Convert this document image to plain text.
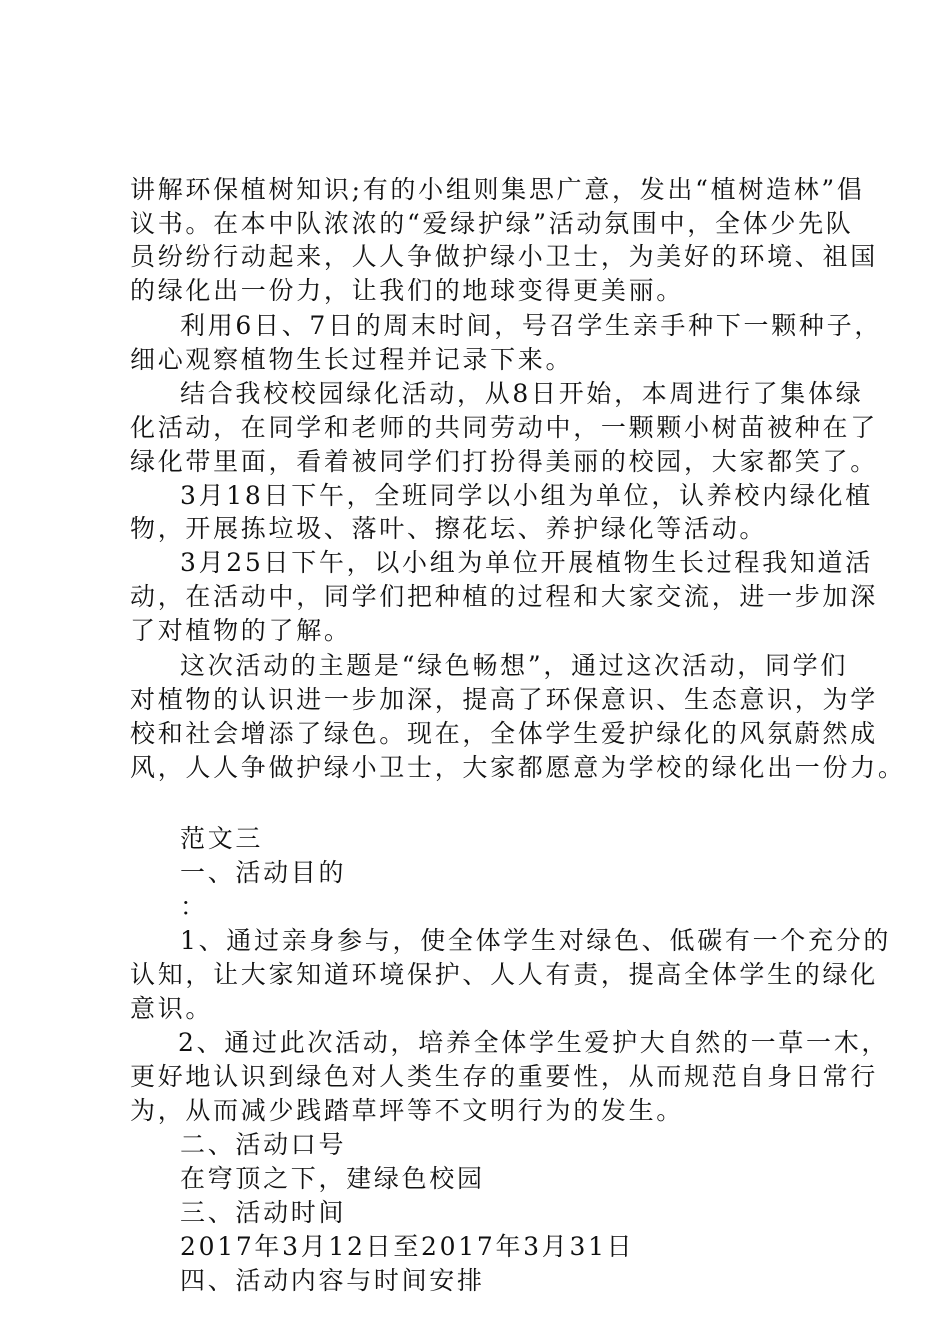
讲解环保植树知识;有的小组则集思广意，发出“植树造林”倡
议书。在本中队浓浓的“爱绿护绿”活动氛围中，全体少先队
员纷纷行动起来，人人争做护绿小卫士，为美好的环境、祖国
的绿化出一份力，让我们的地球变得更美丽。
利用6日、7日的周末时间，号召学生亲手种下一颗种子，
细心观察植物生长过程并记录下来。
结合我校校园绿化活动，从8日开始，本周进行了集体绿
化活动，在同学和老师的共同劳动中，一颗颗小树苗被种在了
绿化带里面，看着被同学们打扮得美丽的校园，大家都笑了。
3月18日下午，全班同学以小组为单位，认养校内绿化植
物，开展拣垃圾、落叶、擦花坛、养护绿化等活动。
3月25日下午，以小组为单位开展植物生长过程我知道活
动，在活动中，同学们把种植的过程和大家交流，进一步加深
了对植物的了解。
这次活动的主题是“绿色畅想”，通过这次活动，同学们
对植物的认识进一步加深，提高了环保意识、生态意识，为学
校和社会增添了绿色。现在，全体学生爱护绿化的风氛蔚然成
风，人人争做护绿小卫士，大家都愿意为学校的绿化出一份力。
范文三
一、活动目的
：
1、通过亲身参与，使全体学生对绿色、低碳有一个充分的
认知，让大家知道环境保护、人人有责，提高全体学生的绿化
意识。
2、通过此次活动，培养全体学生爱护大自然的一草一木，
更好地认识到绿色对人类生存的重要性，从而规范自身日常行
为，从而减少践踏草坪等不文明行为的发生。
二、活动口号
在穹顶之下，建绿色校园
三、活动时间
2017年3月12日至2017年3月31日
四、活动内容与时间安排
